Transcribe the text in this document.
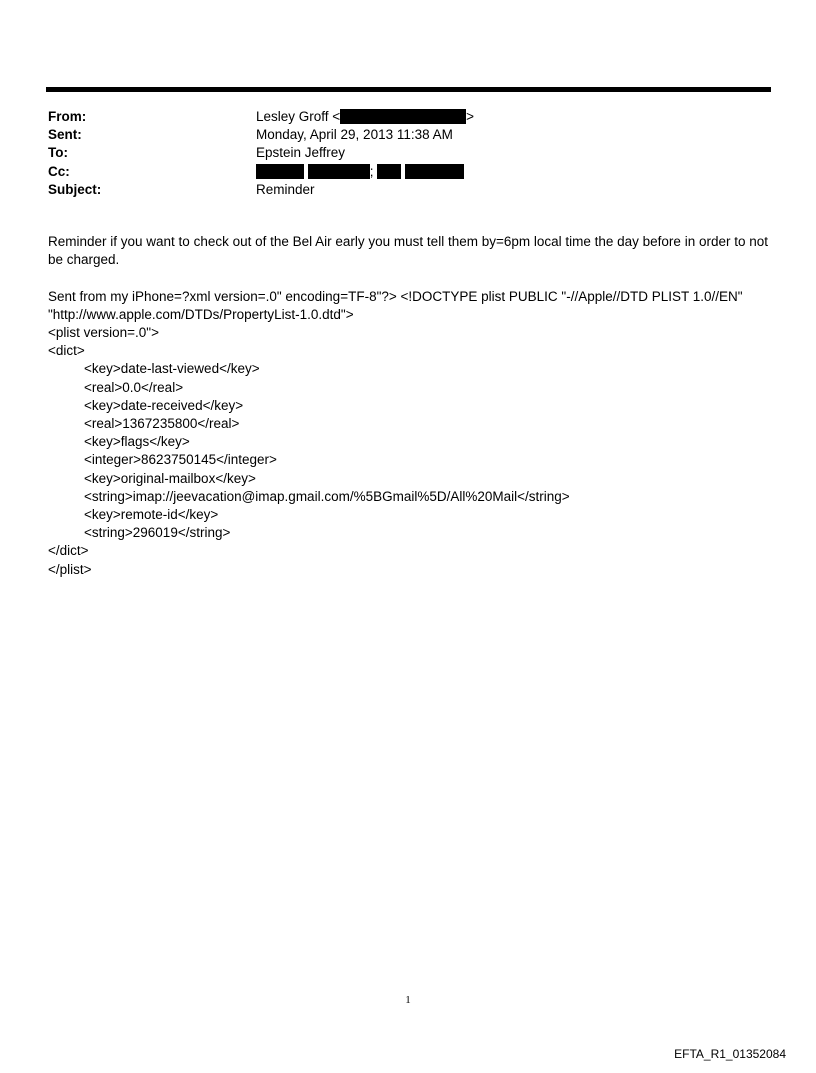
From:	Lesley Groff <	>
Sent:	Monday, April 29, 2013 11:38 AM
To:	Epstein Jeffrey
Cc:	;
Subject:	Reminder

Reminder if you want to check out of the Bel Air early you must tell them by=6pm local time the day before in order to not be charged.

Sent from my iPhone=?xml version=.0" encoding=TF-8"?> <!DOCTYPE plist PUBLIC "-//Apple//DTD PLIST 1.0//EN"
"http://www.apple.com/DTDs/PropertyList-1.0.dtd">
<plist version=.0">
<dict>
<key>date-last-viewed</key>
<real>0.0</real>
<key>date-received</key>
<real>1367235800</real>
<key>flags</key>
<integer>8623750145</integer>
<key>original-mailbox</key>
<string>imap://jeevacation@imap.gmail.com/%5BGmail%5D/All%20Mail</string>
<key>remote-id</key>
<string>296019</string>
</dict>
</plist>
1
EFTA_R1_01352084
